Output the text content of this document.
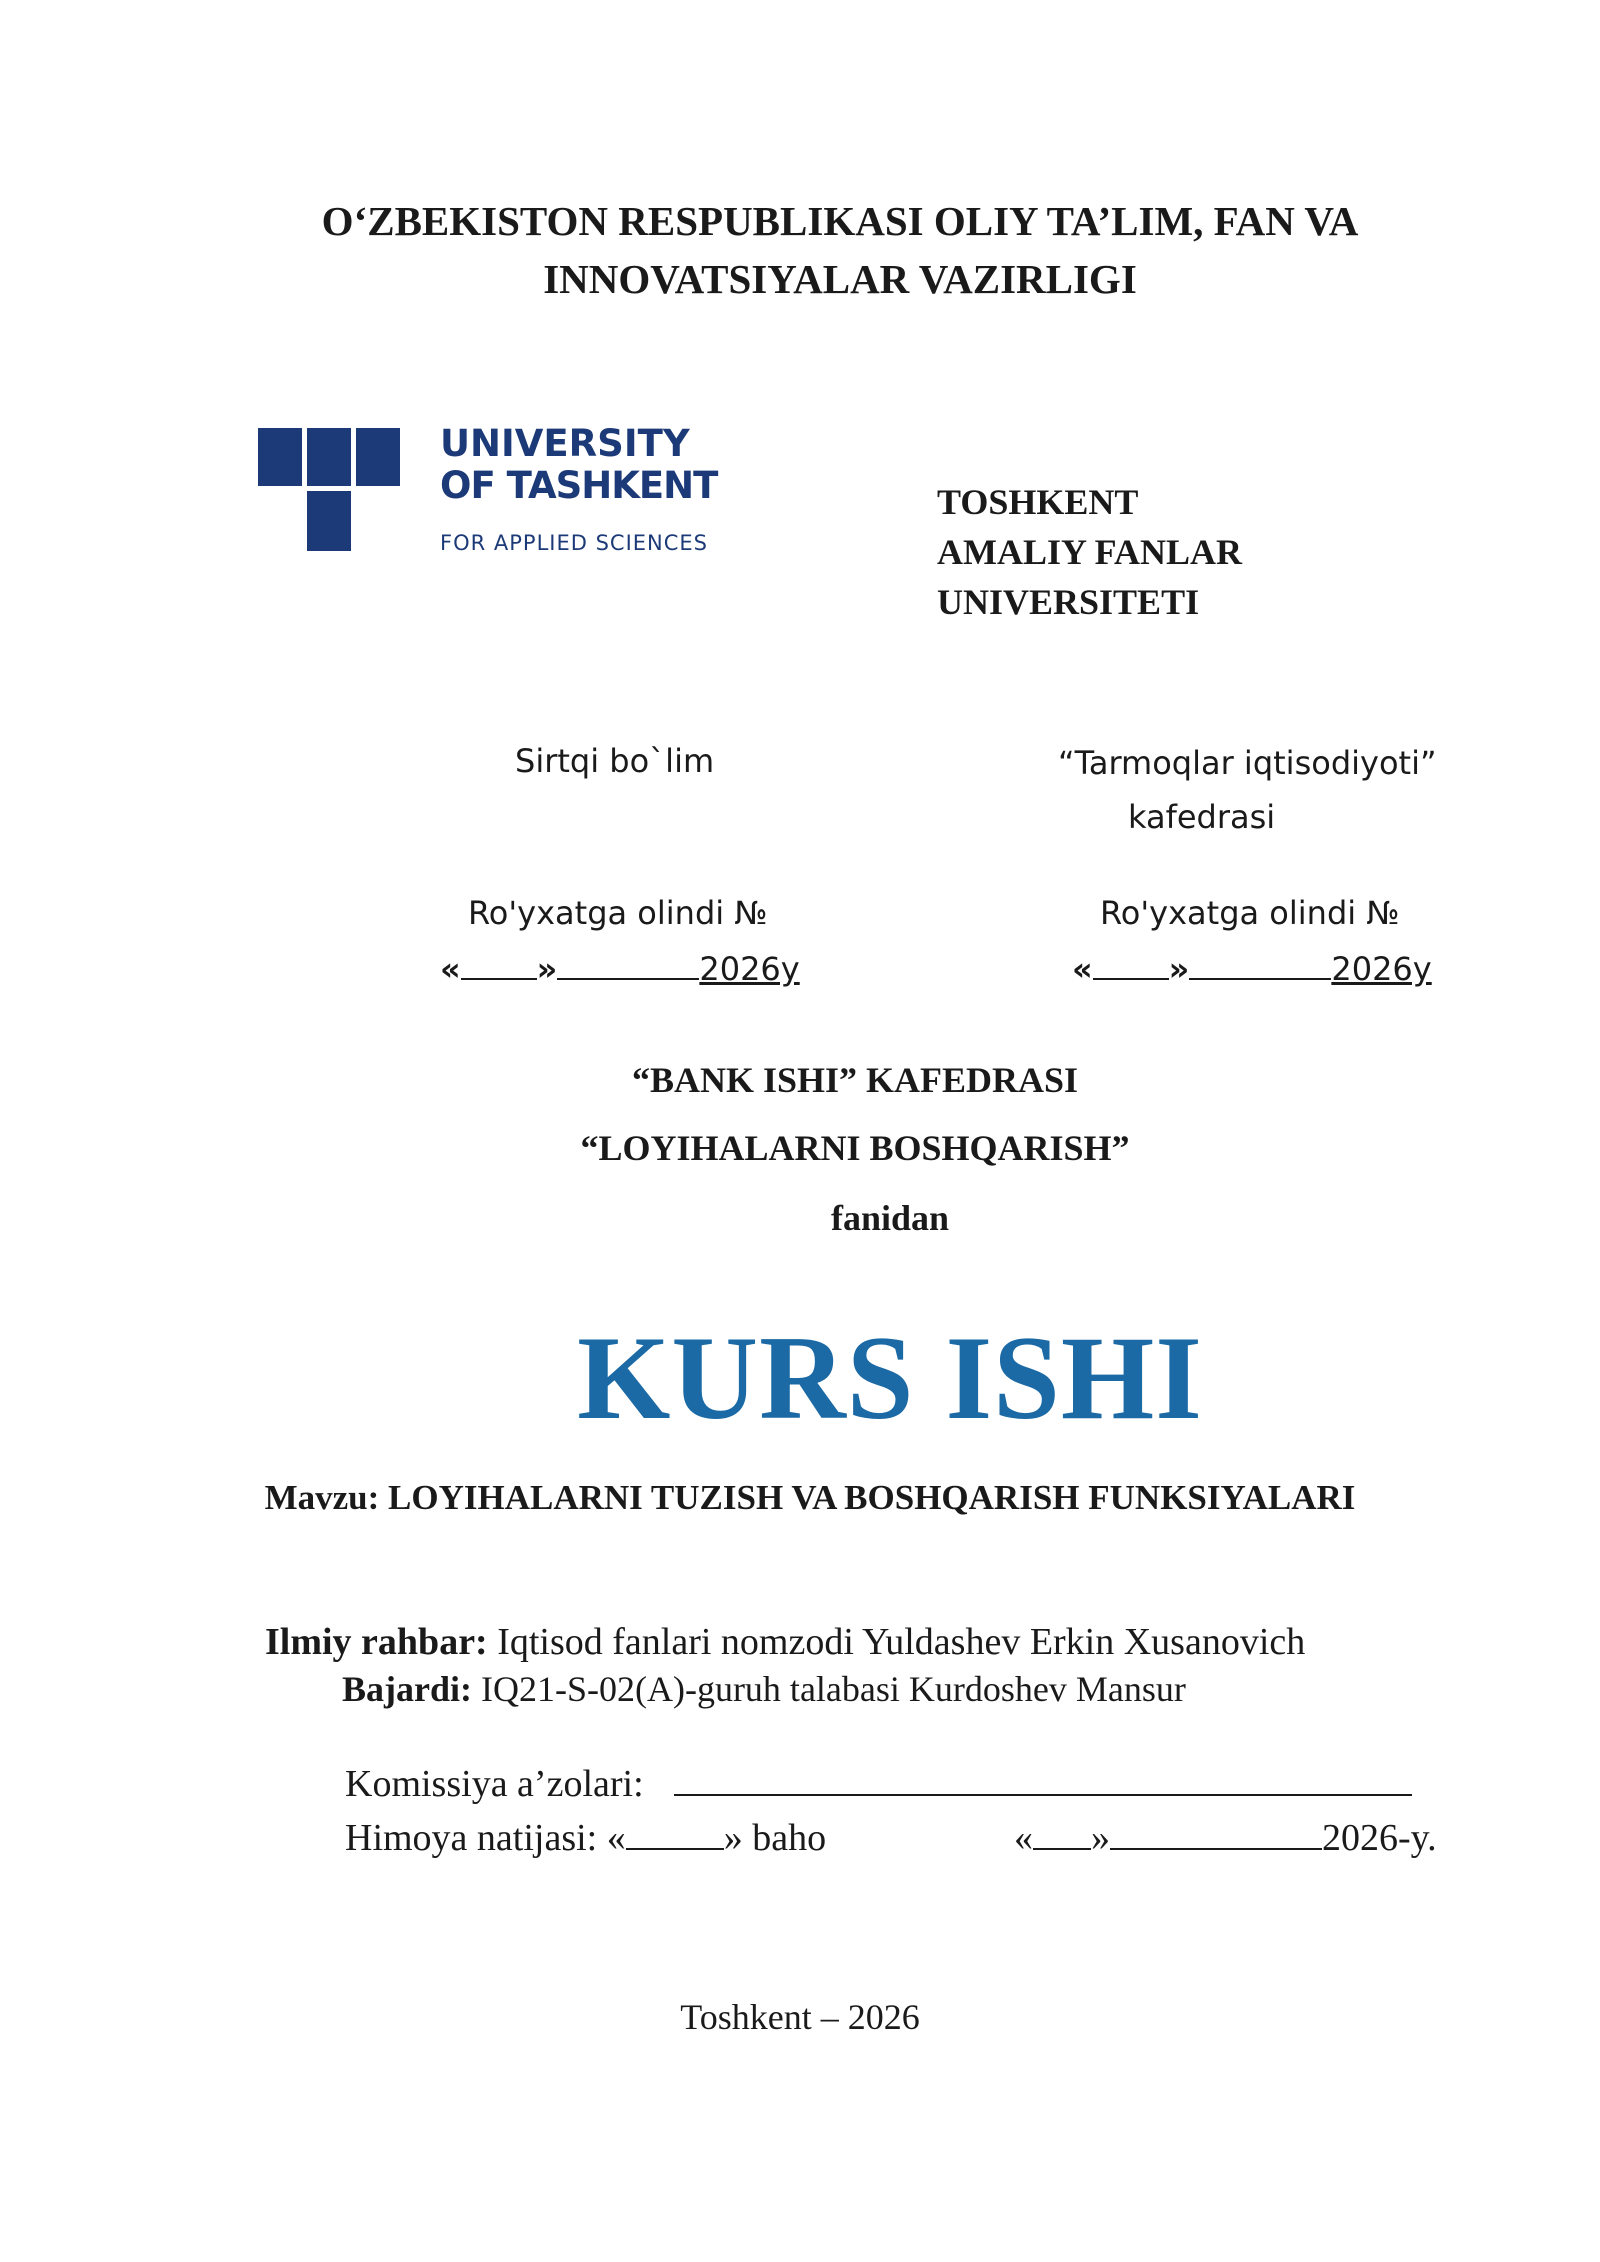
O‘ZBEKISTON RESPUBLIKASI OLIY TA’LIM, FAN VA
INNOVATSIYALAR VAZIRLIGI
UNIVERSITY
OF TASHKENT
FOR APPLIED SCIENCES
TOSHKENT
AMALIY FANLAR
UNIVERSITETI
Sirtqi bo`lim
Ro'yxatga olindi №
« »	2026y
“Tarmoqlar iqtisodiyoti”
kafedrasi
Ro'yxatga olindi №
« »	2026y
“BANK ISHI” KAFEDRASI
“LOYIHALARNI BOSHQARISH”
fanidan
KURS ISHI
Mavzu: LOYIHALARNI TUZISH VA BOSHQARISH FUNKSIYALARI
Ilmiy rahbar: Iqtisod fanlari nomzodi Yuldashev Erkin Xusanovich
Bajardi: IQ21-S-02(A)-guruh talabasi Kurdoshev Mansur
Komissiya a’zolari:
Himoya natijasi: «	» baho	« »	2026-y.
Toshkent – 2026
